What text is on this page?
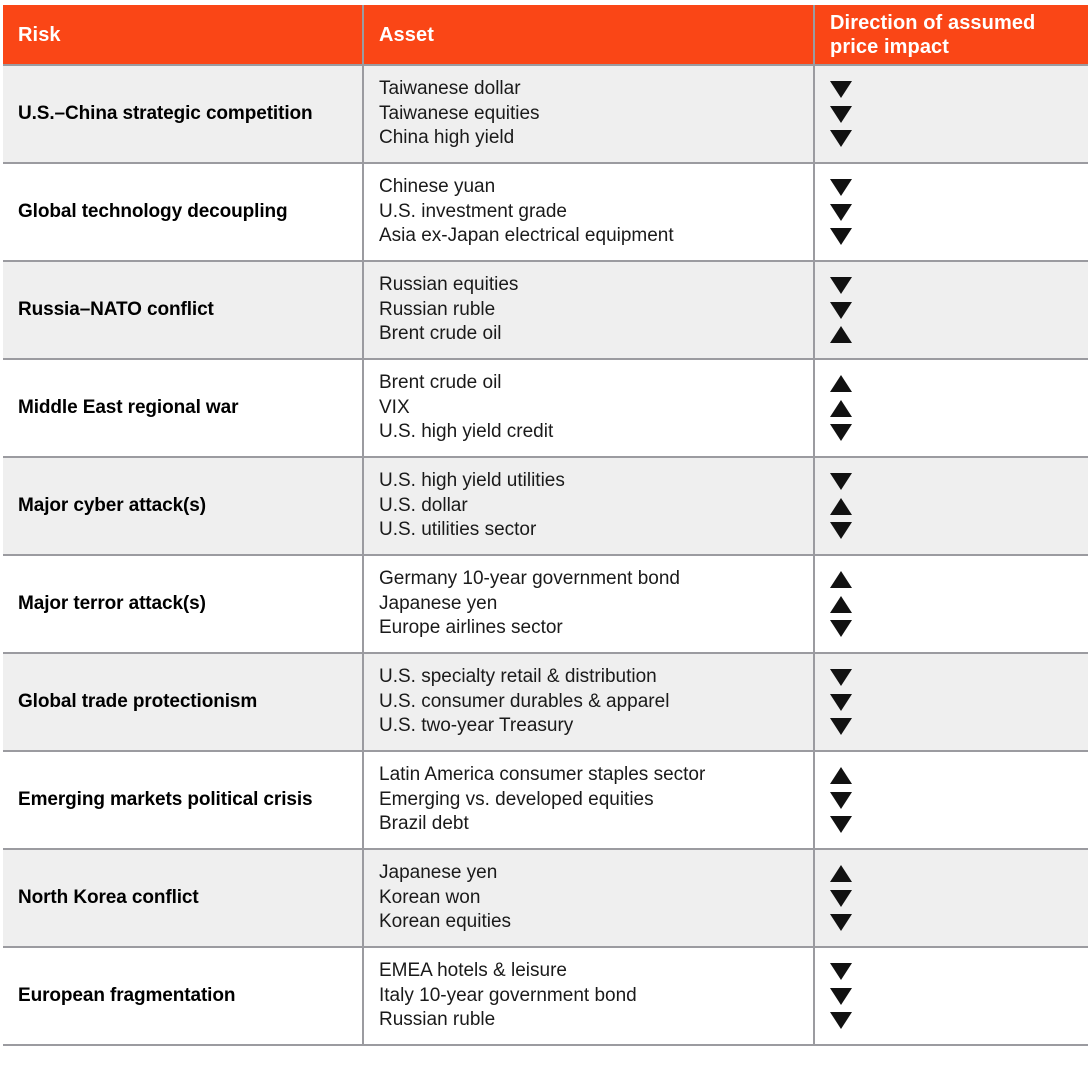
Risk	Asset
Direction of assumed price impact
U.S.–China strategic competition
Taiwanese dollar
Taiwanese equities
China high yield
Global technology decoupling
Chinese yuan
U.S. investment grade
Asia ex-Japan electrical equipment
Russia–NATO conflict
Russian equities
Russian ruble
Brent crude oil
Middle East regional war
Brent crude oil
VIX
U.S. high yield credit
Major cyber attack(s)
U.S. high yield utilities
U.S. dollar
U.S. utilities sector
Major terror attack(s)
Germany 10-year government bond
Japanese yen
Europe airlines sector
Global trade protectionism
U.S. specialty retail & distribution
U.S. consumer durables & apparel
U.S. two-year Treasury
Emerging markets political crisis
Latin America consumer staples sector
Emerging vs. developed equities
Brazil debt
North Korea conflict
Japanese yen
Korean won
Korean equities
European fragmentation
EMEA hotels & leisure
Italy 10-year government bond
Russian ruble
